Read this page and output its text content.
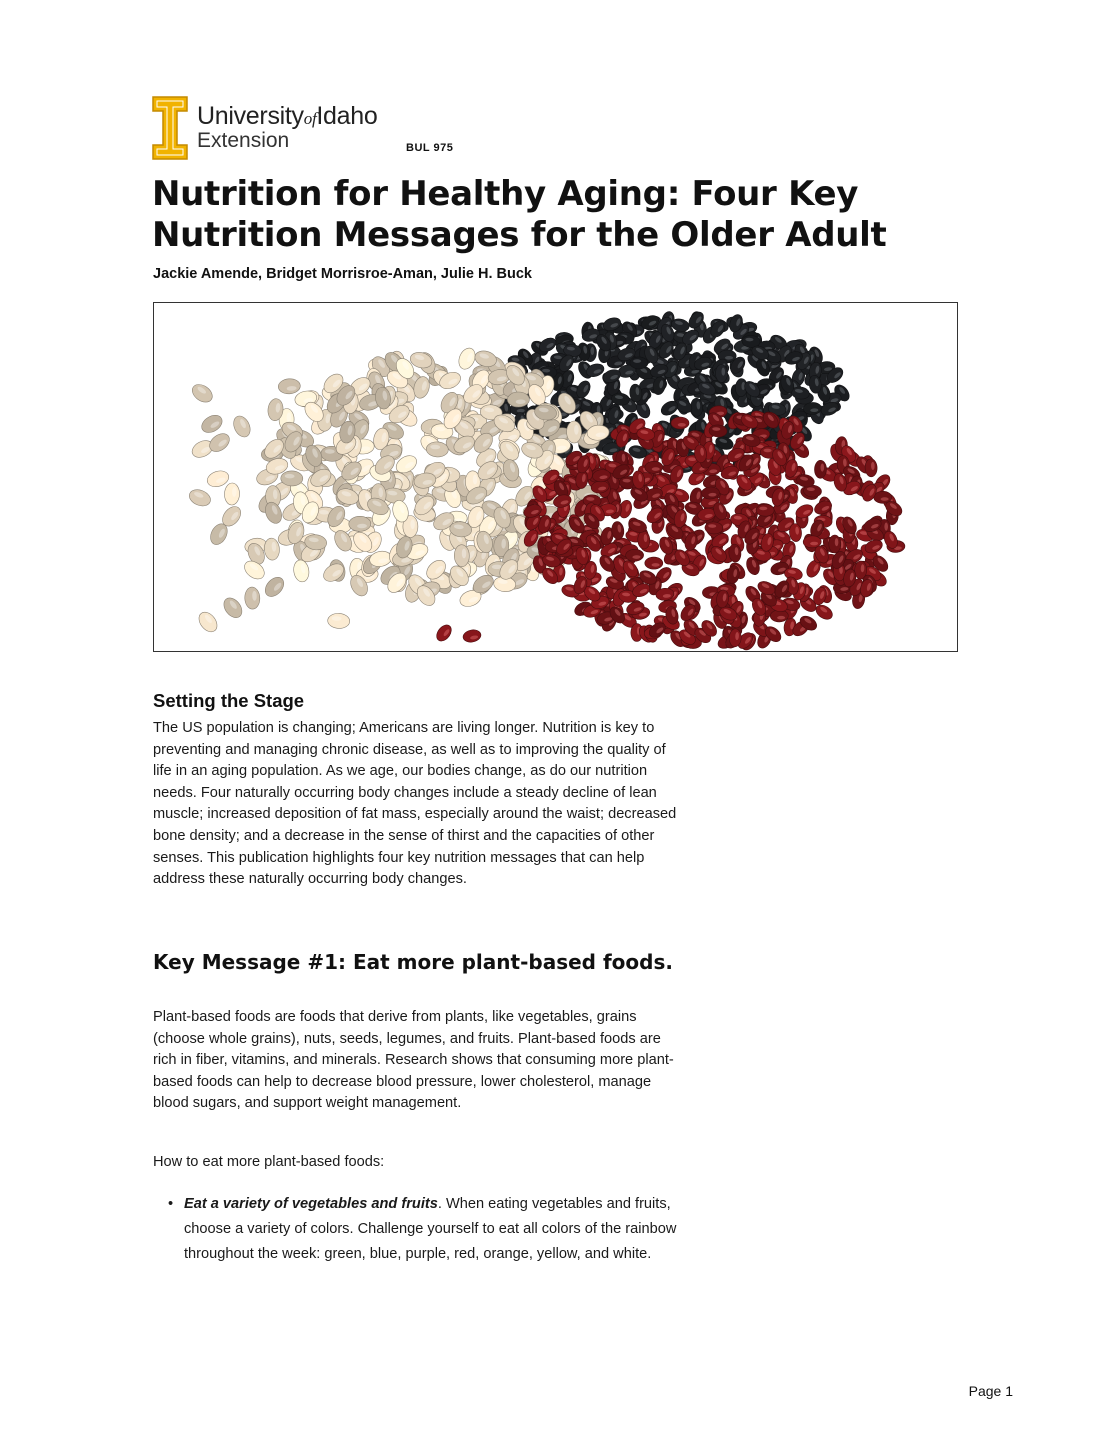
UniversityofIdaho
Extension	BUL 975
Nutrition for Healthy Aging: Four Key Nutrition Messages for the Older Adult
Jackie Amende, Bridget Morrisroe-Aman, Julie H. Buck
Setting the Stage

The US population is changing; Americans are living longer. Nutrition is key to preventing and managing chronic disease, as well as to improving the quality of life in an aging population. As we age, our bodies change, as do our nutrition needs. Four naturally occurring body changes include a steady decline of lean muscle; increased deposition of fat mass, especially around the waist; decreased bone density; and a decrease in the sense of thirst and the capacities of other senses. This publication highlights four key nutrition messages that can help address these naturally occurring body changes.

Key Message #1: Eat more plant-based foods.

Plant-based foods are foods that derive from plants, like vegetables, grains (choose whole grains), nuts, seeds, legumes, and fruits. Plant-based foods are rich in fiber, vitamins, and minerals. Research shows that consuming more plant-based foods can help to decrease blood pressure, lower cholesterol, manage blood sugars, and support weight management.

How to eat more plant-based foods:

• Eat a variety of vegetables and fruits. When eating vegetables and fruits, choose a variety of colors. Challenge yourself to eat all colors of the rainbow throughout the week: green, blue, purple, red, orange, yellow, and white.
Page 1
